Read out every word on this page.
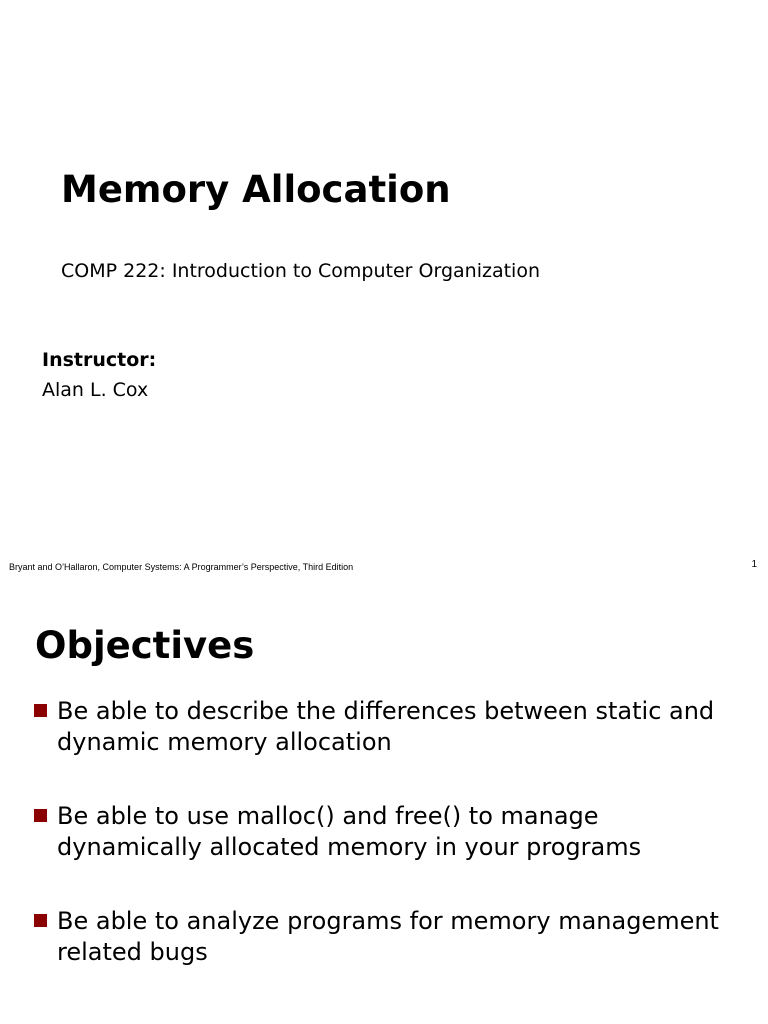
Memory Allocation

COMP 222: Introduction to Computer Organization

Instructor:

Alan L. Cox

Bryant and O’Hallaron, Computer Systems: A Programmer’s Perspective, Third Edition	1
Objectives
Be able to describe the differences between static and dynamic memory allocation
Be able to use malloc() and free() to manage dynamically allocated memory in your programs
Be able to analyze programs for memory management related bugs
